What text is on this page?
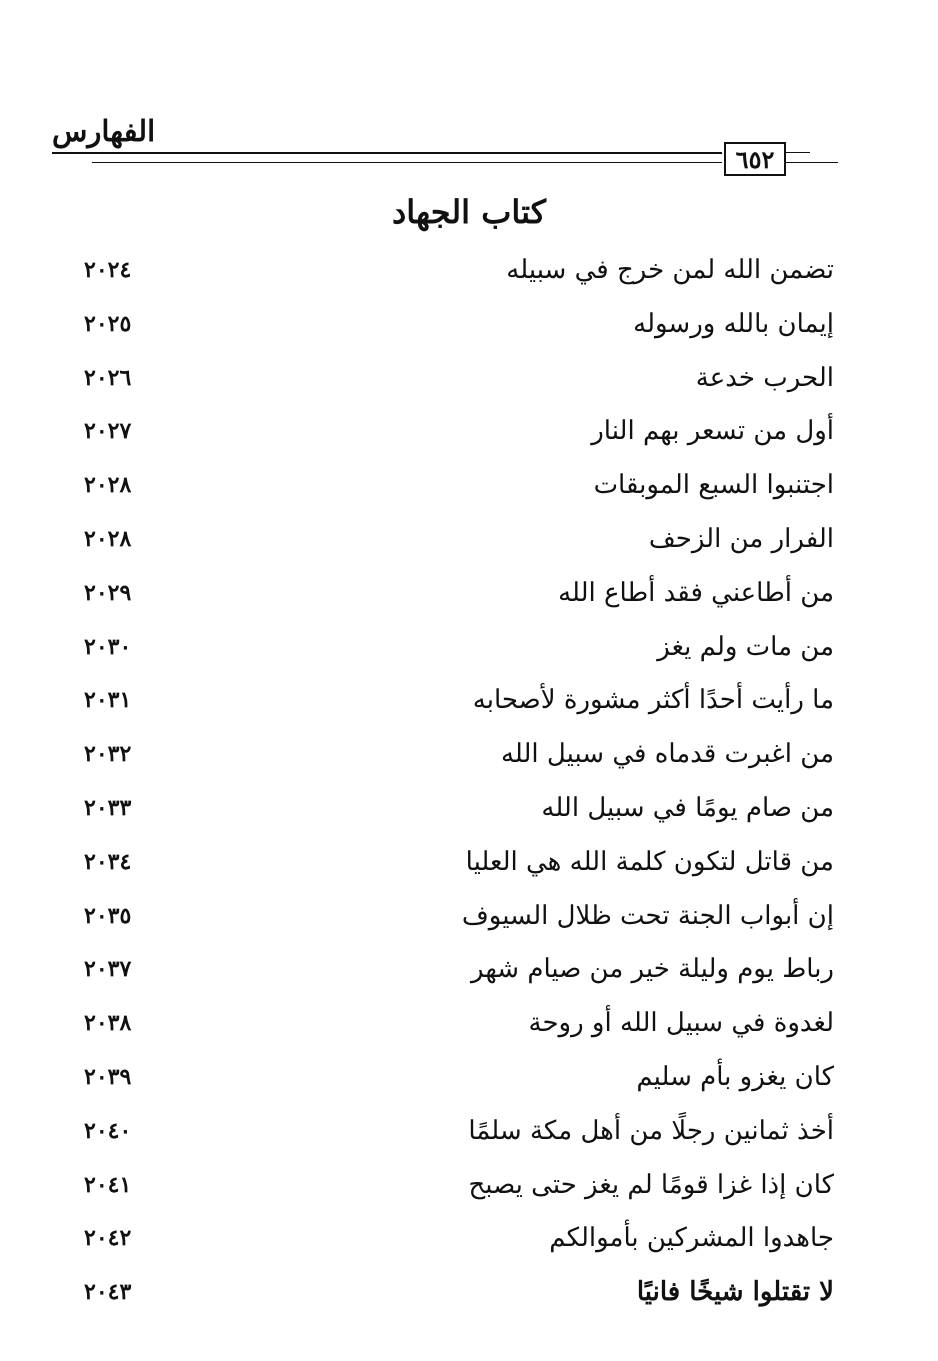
الفهارس
٦٥٢
كتاب الجهاد
تضمن الله لمن خرج في سبيله
٢٠٢٤
إيمان بالله ورسوله
٢٠٢٥
الحرب خدعة
٢٠٢٦
أول من تسعر بهم النار
٢٠٢٧
اجتنبوا السبع الموبقات
٢٠٢٨
الفرار من الزحف
٢٠٢٨
من أطاعني فقد أطاع الله
٢٠٢٩
من مات ولم يغز
٢٠٣٠
ما رأيت أحدًا أكثر مشورة لأصحابه
٢٠٣١
من اغبرت قدماه في سبيل الله
٢٠٣٢
من صام يومًا في سبيل الله
٢٠٣٣
من قاتل لتكون كلمة الله هي العليا
٢٠٣٤
إن أبواب الجنة تحت ظلال السيوف
٢٠٣٥
رباط يوم وليلة خير من صيام شهر
٢٠٣٧
لغدوة في سبيل الله أو روحة
٢٠٣٨
كان يغزو بأم سليم
٢٠٣٩
أخذ ثمانين رجلًا من أهل مكة سلمًا
٢٠٤٠
كان إذا غزا قومًا لم يغز حتى يصبح
٢٠٤١
جاهدوا المشركين بأموالكم
٢٠٤٢
لا تقتلوا شيخًا فانيًا
٢٠٤٣
